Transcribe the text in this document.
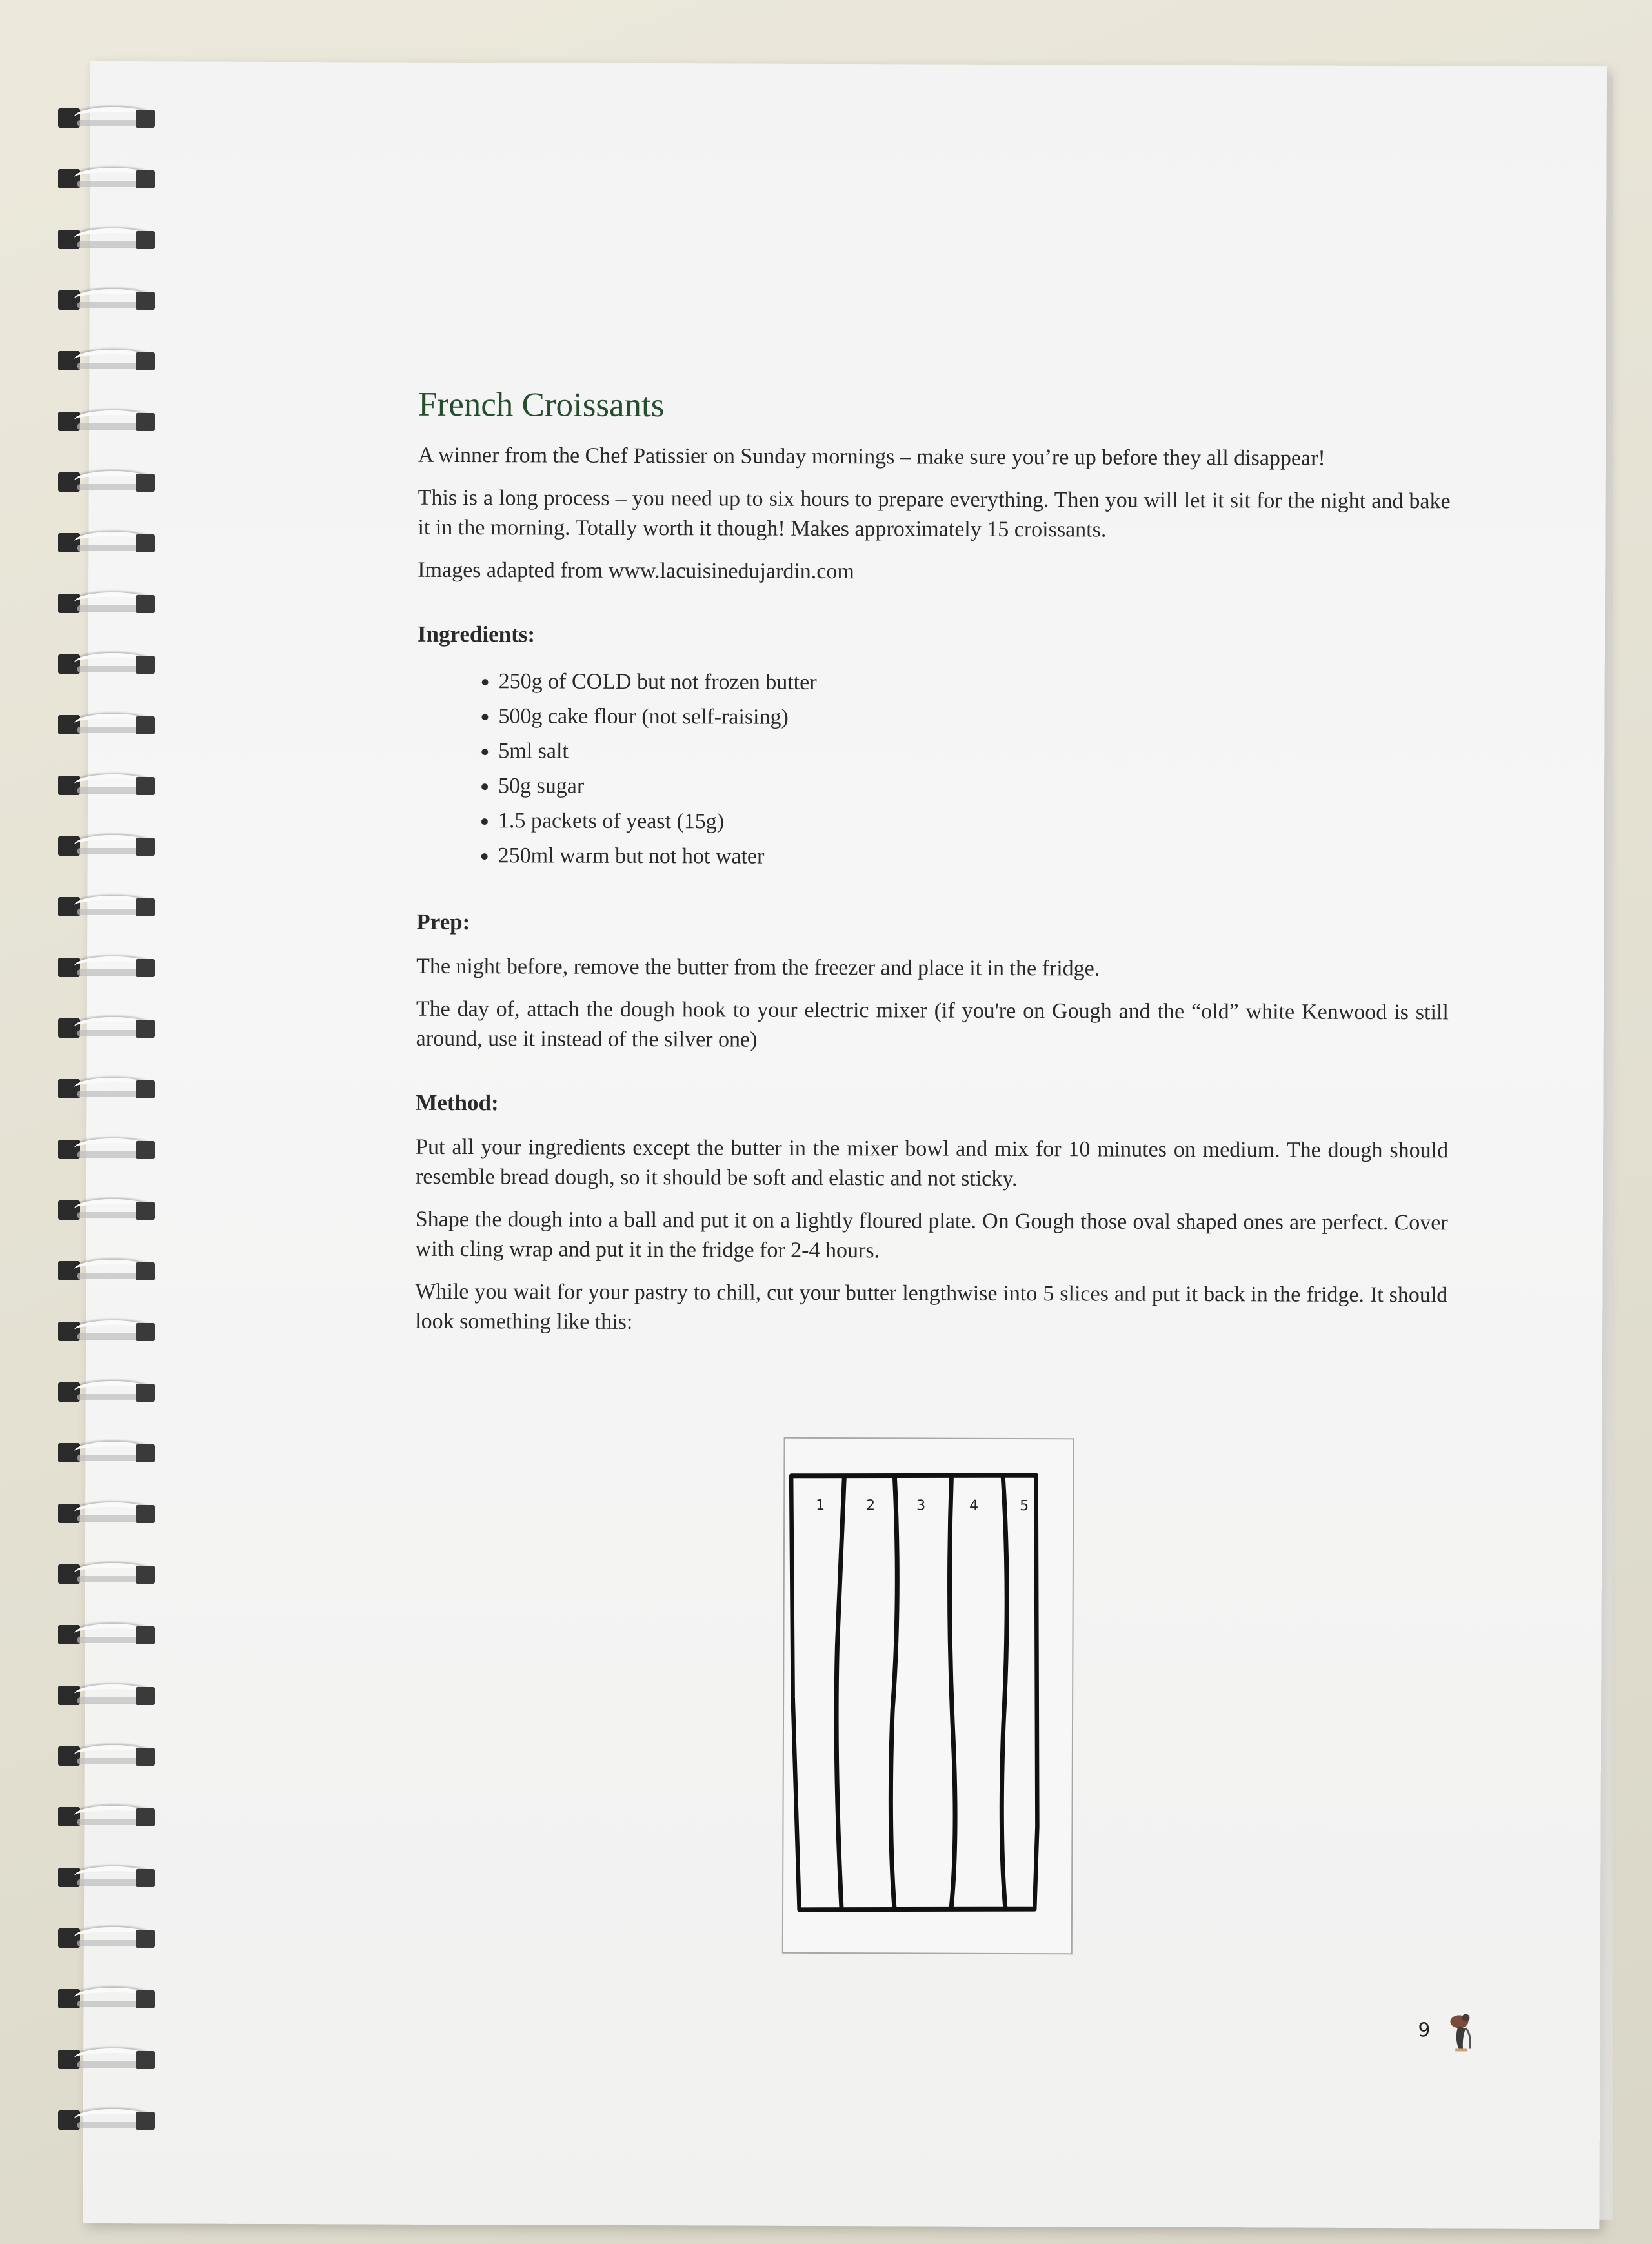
French Croissants

A winner from the Chef Patissier on Sunday mornings – make sure you’re up before they all disappear!

This is a long process – you need up to six hours to prepare everything. Then you will let it sit for the night and bake it in the morning. Totally worth it though! Makes approximately 15 croissants.

Images adapted from www.lacuisinedujardin.com

Ingredients:
• 250g of COLD but not frozen butter
• 500g cake flour (not self-raising)
• 5ml salt
• 50g sugar
• 1.5 packets of yeast (15g)
• 250ml warm but not hot water
Prep:

The night before, remove the butter from the freezer and place it in the fridge.

The day of, attach the dough hook to your electric mixer (if you're on Gough and the “old” white Kenwood is still around, use it instead of the silver one)

Method:

Put all your ingredients except the butter in the mixer bowl and mix for 10 minutes on medium. The dough should resemble bread dough, so it should be soft and elastic and not sticky.

Shape the dough into a ball and put it on a lightly floured plate. On Gough those oval shaped ones are perfect. Cover with cling wrap and put it in the fridge for 2-4 hours.

While you wait for your pastry to chill, cut your butter lengthwise into 5 slices and put it back in the fridge. It should look something like this:

1	2	3	4	5
9
